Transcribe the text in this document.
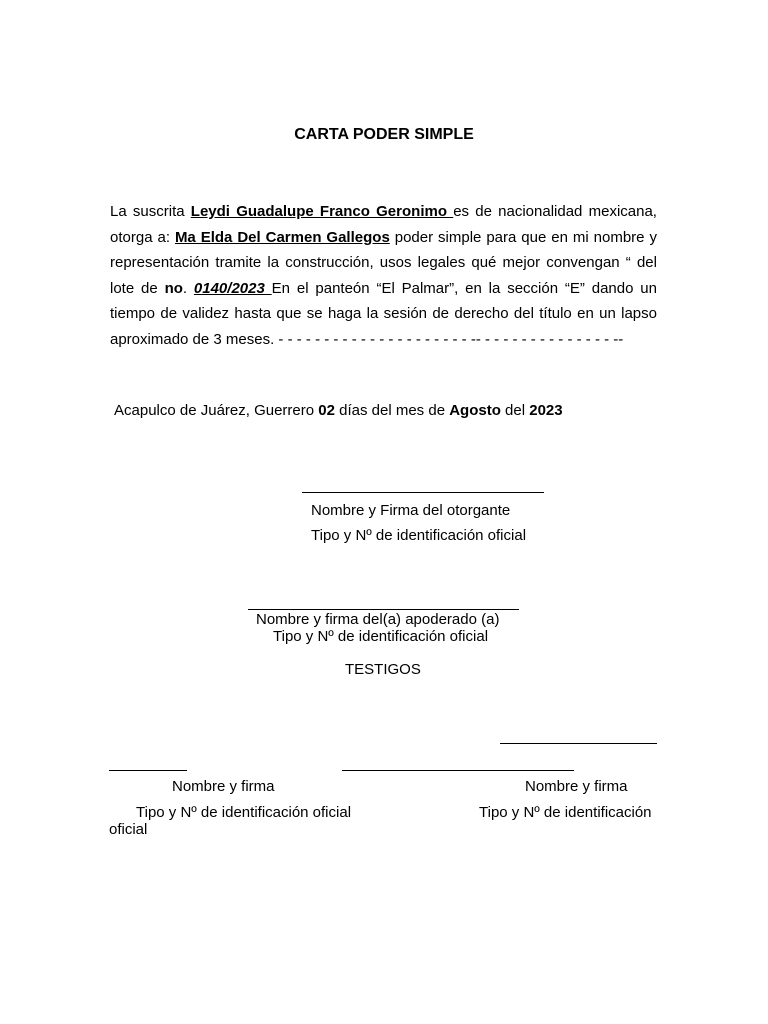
CARTA PODER SIMPLE
La suscrita Leydi Guadalupe Franco Geronimo es de nacionalidad mexicana, otorga a: Ma Elda Del Carmen Gallegos poder simple para que en mi nombre y representación tramite la construcción, usos legales qué mejor convengan “ del lote de no. 0140/2023 En el panteón “El Palmar”, en la sección “E” dando un tiempo de validez hasta que se haga la sesión de derecho del título en un lapso aproximado de 3 meses. - - - - - - - - - - - - - - - - - - - - - -- - - - - - - - - - - - - - - --
Acapulco de Juárez, Guerrero 02 días del mes de Agosto del 2023
Nombre y Firma del otorgante
Tipo y Nº de identificación oficial
Nombre y firma del(a) apoderado (a)
Tipo y Nº de identificación oficial
TESTIGOS
Nombre y firma	Nombre y firma
Tipo y Nº de identificación oficial	Tipo y Nº de identificación
oficial
